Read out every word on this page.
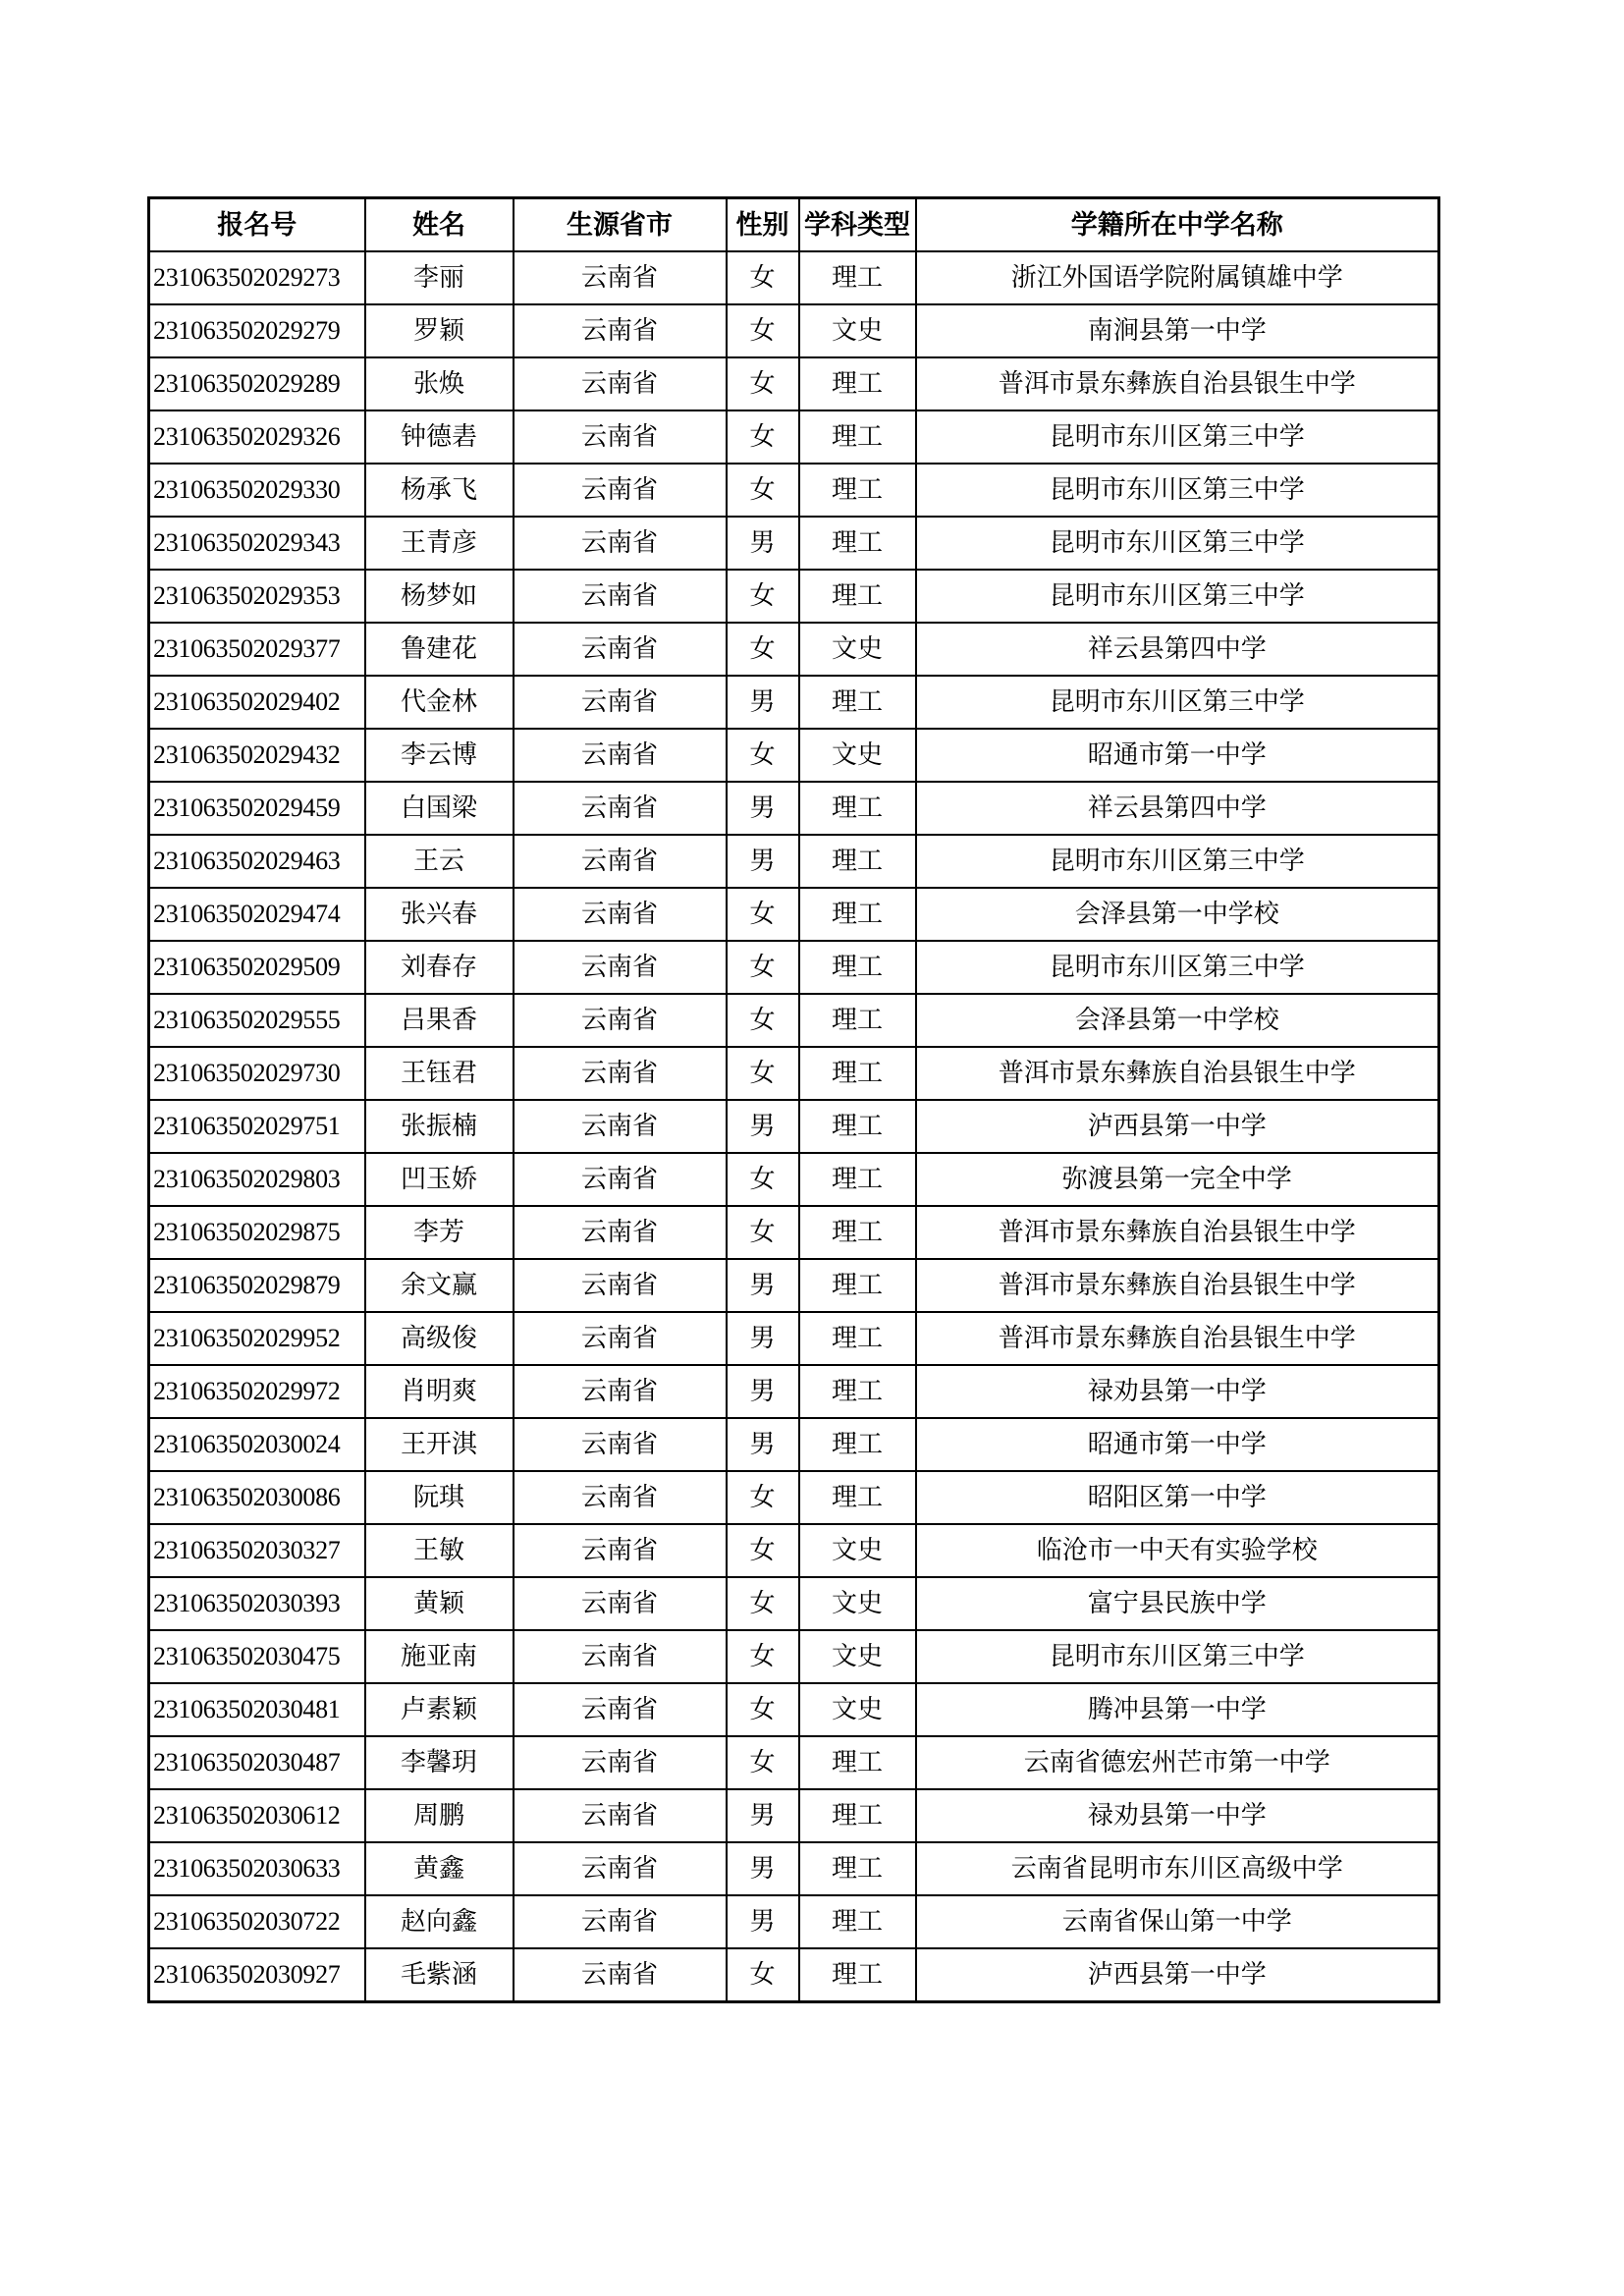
报名号	姓名	生源省市	性别	学科类型	学籍所在中学名称
231063502029273	李丽	云南省	女	理工	浙江外国语学院附属镇雄中学
231063502029279	罗颖	云南省	女	文史	南涧县第一中学
231063502029289	张焕	云南省	女	理工	普洱市景东彝族自治县银生中学
231063502029326	钟德砉	云南省	女	理工	昆明市东川区第三中学
231063502029330	杨承飞	云南省	女	理工	昆明市东川区第三中学
231063502029343	王青彦	云南省	男	理工	昆明市东川区第三中学
231063502029353	杨梦如	云南省	女	理工	昆明市东川区第三中学
231063502029377	鲁建花	云南省	女	文史	祥云县第四中学
231063502029402	代金林	云南省	男	理工	昆明市东川区第三中学
231063502029432	李云博	云南省	女	文史	昭通市第一中学
231063502029459	白国梁	云南省	男	理工	祥云县第四中学
231063502029463	王云	云南省	男	理工	昆明市东川区第三中学
231063502029474	张兴春	云南省	女	理工	会泽县第一中学校
231063502029509	刘春存	云南省	女	理工	昆明市东川区第三中学
231063502029555	吕果香	云南省	女	理工	会泽县第一中学校
231063502029730	王钰君	云南省	女	理工	普洱市景东彝族自治县银生中学
231063502029751	张振楠	云南省	男	理工	泸西县第一中学
231063502029803	凹玉娇	云南省	女	理工	弥渡县第一完全中学
231063502029875	李芳	云南省	女	理工	普洱市景东彝族自治县银生中学
231063502029879	余文赢	云南省	男	理工	普洱市景东彝族自治县银生中学
231063502029952	高级俊	云南省	男	理工	普洱市景东彝族自治县银生中学
231063502029972	肖明爽	云南省	男	理工	禄劝县第一中学
231063502030024	王开淇	云南省	男	理工	昭通市第一中学
231063502030086	阮琪	云南省	女	理工	昭阳区第一中学
231063502030327	王敏	云南省	女	文史	临沧市一中天有实验学校
231063502030393	黄颖	云南省	女	文史	富宁县民族中学
231063502030475	施亚南	云南省	女	文史	昆明市东川区第三中学
231063502030481	卢素颖	云南省	女	文史	腾冲县第一中学
231063502030487	李馨玥	云南省	女	理工	云南省德宏州芒市第一中学
231063502030612	周鹏	云南省	男	理工	禄劝县第一中学
231063502030633	黄鑫	云南省	男	理工	云南省昆明市东川区高级中学
231063502030722	赵向鑫	云南省	男	理工	云南省保山第一中学
231063502030927	毛紫涵	云南省	女	理工	泸西县第一中学
